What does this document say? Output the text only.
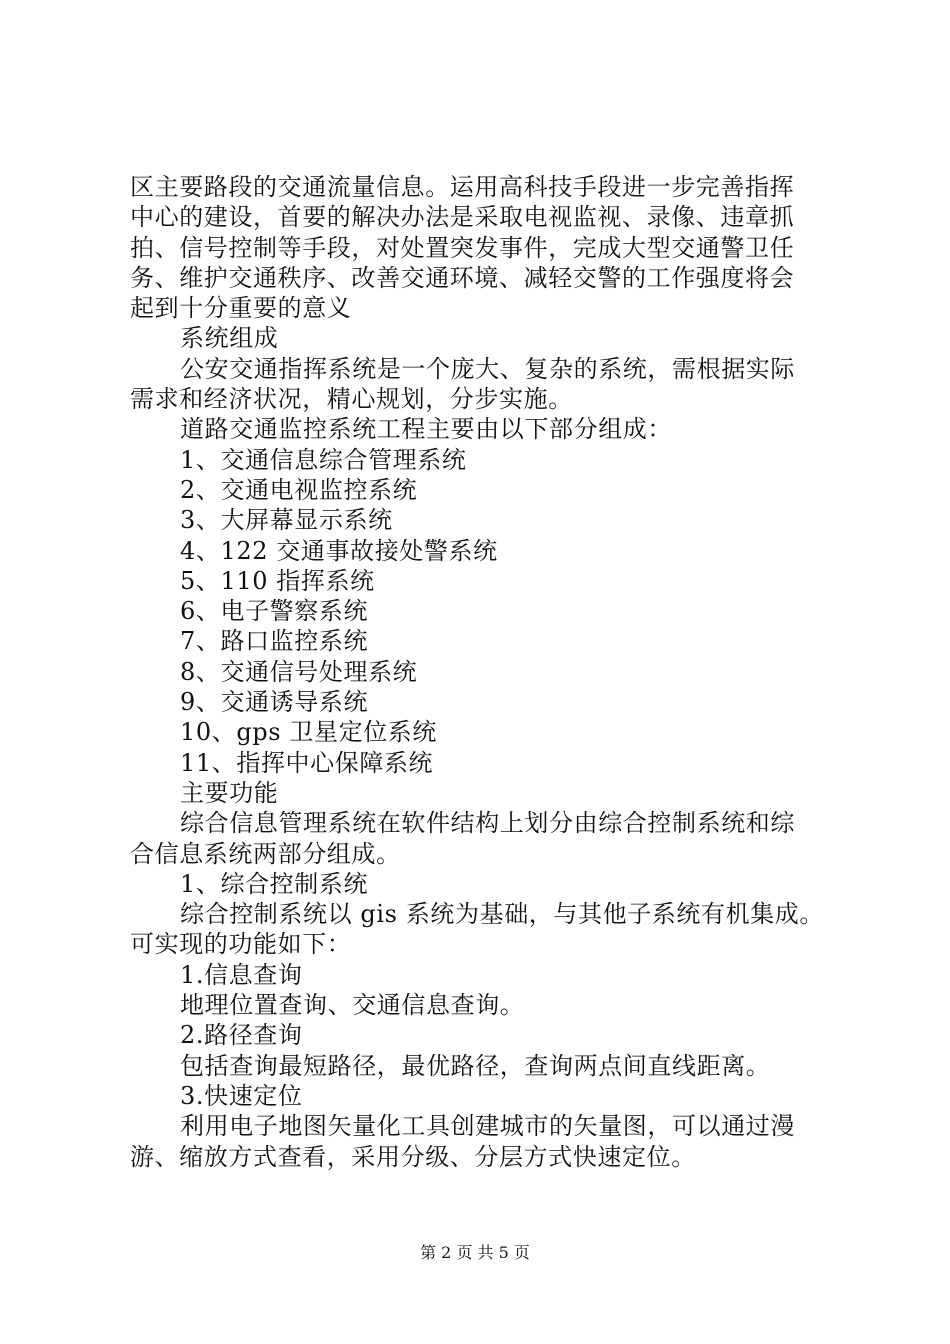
区主要路段的交通流量信息。运用高科技手段进一步完善指挥
中心的建设，首要的解决办法是采取电视监视、录像、违章抓
拍、信号控制等手段，对处置突发事件，完成大型交通警卫任
务、维护交通秩序、改善交通环境、减轻交警的工作强度将会
起到十分重要的意义
系统组成
公安交通指挥系统是一个庞大、复杂的系统，需根据实际
需求和经济状况，精心规划，分步实施。
道路交通监控系统工程主要由以下部分组成：
1、交通信息综合管理系统
2、交通电视监控系统
3、大屏幕显示系统
4、122 交通事故接处警系统
5、110 指挥系统
6、电子警察系统
7、路口监控系统
8、交通信号处理系统
9、交通诱导系统
10、gps 卫星定位系统
11、指挥中心保障系统
主要功能
综合信息管理系统在软件结构上划分由综合控制系统和综
合信息系统两部分组成。
1、综合控制系统
综合控制系统以 gis 系统为基础，与其他子系统有机集成。
可实现的功能如下：
1.信息查询
地理位置查询、交通信息查询。
2.路径查询
包括查询最短路径，最优路径，查询两点间直线距离。
3.快速定位
利用电子地图矢量化工具创建城市的矢量图，可以通过漫
游、缩放方式查看，采用分级、分层方式快速定位。
第 2 页 共 5 页
